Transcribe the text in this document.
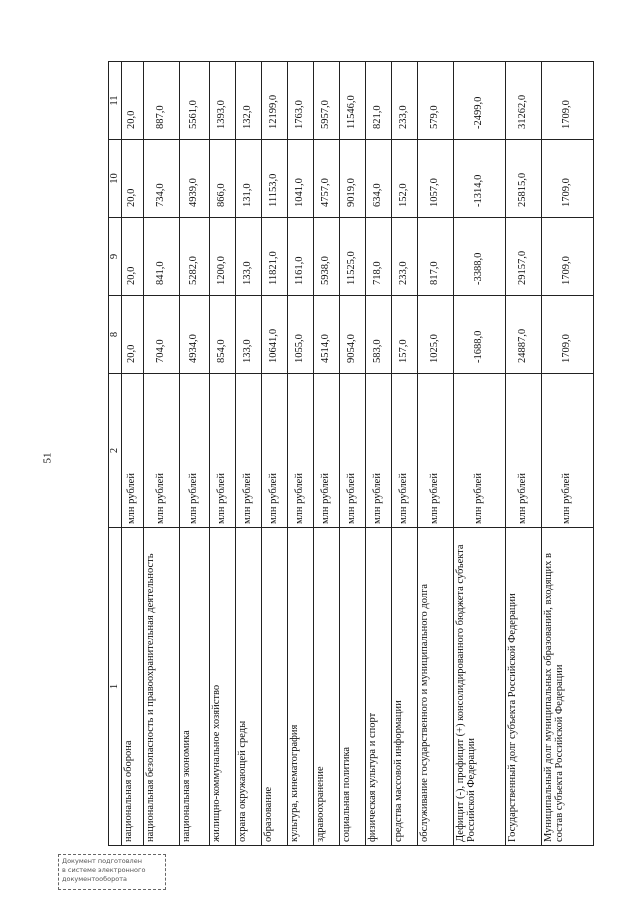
51
1	2	8	9	10	11
национальная оборона	млн рублей	20,0	20,0	20,0	20,0
национальная безопасность и правоохранительная деятельность	млн рублей	704,0	841,0	734,0	887,0
национальная экономика	млн рублей	4934,0	5282,0	4939,0	5561,0
жилищно-коммунальное хозяйство	млн рублей	854,0	1200,0	866,0	1393,0
охрана окружающей среды	млн рублей	133,0	133,0	131,0	132,0
образование	млн рублей	10641,0	11821,0	11153,0	12199,0
культура, кинематография	млн рублей	1055,0	1161,0	1041,0	1763,0
здравоохранение	млн рублей	4514,0	5938,0	4757,0	5957,0
социальная политика	млн рублей	9054,0	11525,0	9019,0	11546,0
физическая культура и спорт	млн рублей	583,0	718,0	634,0	821,0
средства массовой информации	млн рублей	157,0	233,0	152,0	233,0
обслуживание государственного и муниципального долга	млн рублей	1025,0	817,0	1057,0	579,0
Дефицит (-), профицит (+) консолидированного бюджета субъекта Российской Федерации	млн рублей	-1688,0	-3388,0	-1314,0	-2499,0
Государственный долг субъекта Российской Федерации	млн рублей	24887,0	29157,0	25815,0	31262,0
Муниципальный долг муниципальных образований, входящих в состав субъекта Российской Федерации	млн рублей	1709,0	1709,0	1709,0	1709,0
Документ подготовлен
в системе электронного
документооборота
